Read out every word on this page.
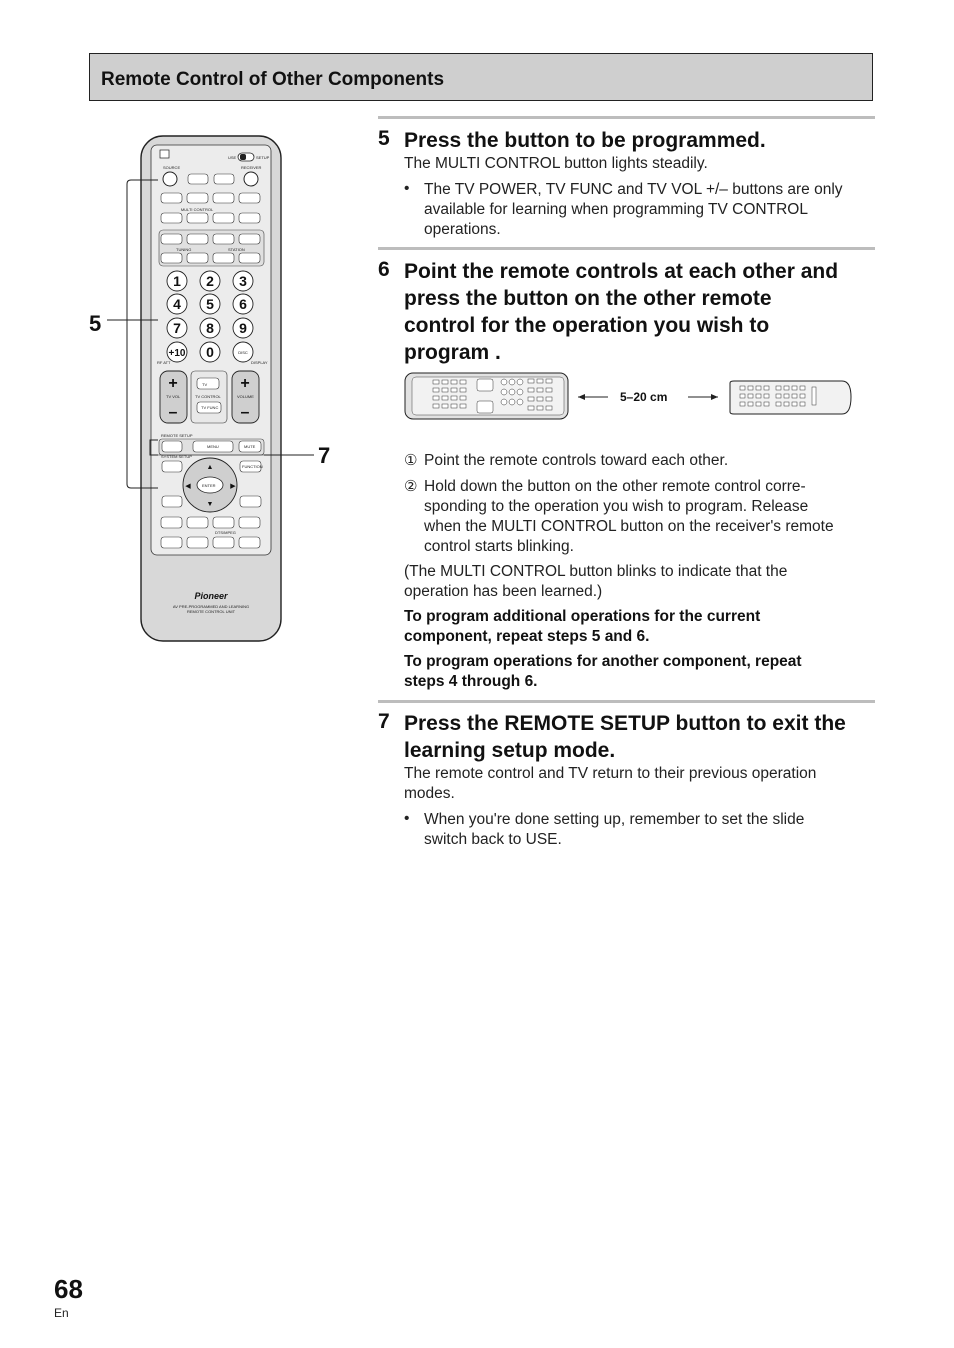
Remote Control of Other Components
USE	SETUP
SOURCE	RECEIVER
MULTI CONTROL
TUNING	STATION
1 2 3
4 5 6
7 8 9
+10 0	DISC
RF ATT	DISPLAY
+
–
TV VOL
TV
TV CONTROL
TV FUNC
+
–
VOLUME
REMOTE SETUP
MENU	MUTE
SYSTEM SETUP
FUNCTION
ENTER
▲
▼
◀	▶
DTS/MPEG
Pioneer
AV PRE-PROGRAMMED AND LEARNING
REMOTE CONTROL UNIT
5
7
5 Press the button to be programmed.
The MULTI CONTROL button lights steadily.
• The TV POWER, TV FUNC and TV VOL +/– buttons are only available for learning when programming TV CONTROL operations.
6 Point the remote controls at each other and
press the button on the other remote
control for the operation you wish to
program .
5–20 cm
① Point the remote controls toward each other.
② Hold down the button on the other remote control corre-
sponding to the operation you wish to program. Release
when the MULTI CONTROL button on the receiver's remote
control starts blinking.
(The MULTI CONTROL button blinks to indicate that the
operation has been learned.)
To program additional operations for the current
component, repeat steps 5 and 6.
To program operations for another component, repeat
steps 4 through 6.
7 Press the REMOTE SETUP button to exit the
learning setup mode.
The remote control and TV return to their previous operation
modes.
• When you're done setting up, remember to set the slide
switch back to USE.
68
En
